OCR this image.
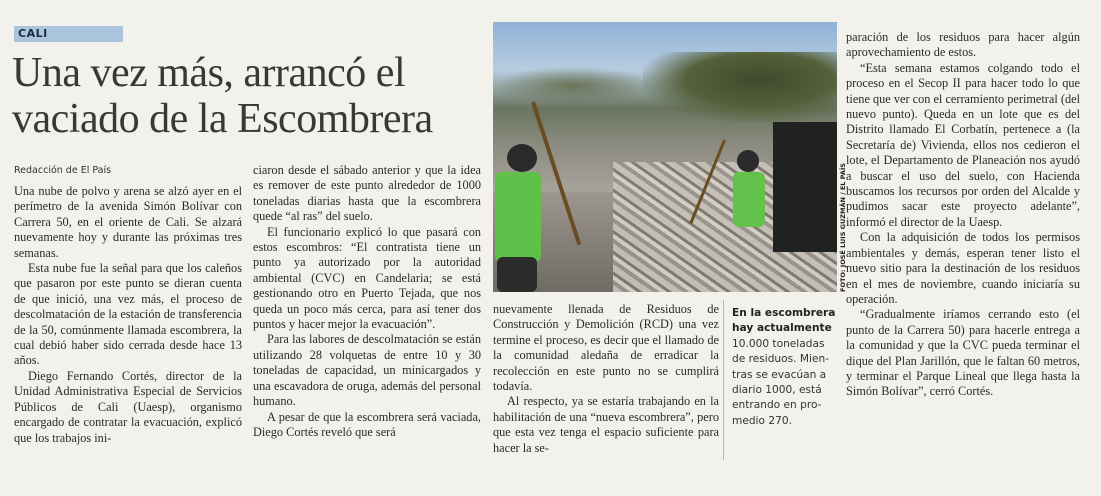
CALI
Una vez más, arrancó el
vaciado de la Escombrera
Redacción de El País

Una nube de polvo y arena se alzó ayer en el perímetro de la avenida Simón Bolívar con Carrera 50, en el oriente de Cali. Se alzará nuevamente hoy y durante las próximas tres semanas.

Esta nube fue la señal para que los caleños que pasaron por este punto se dieran cuenta de que inició, una vez más, el proceso de descolmatación de la estación de transferencia de la 50, comúnmente llamada escombrera, la cual debió haber sido cerrada desde hace 13 años.

Diego Fernando Cortés, director de la Unidad Administrativa Especial de Servicios Públicos de Cali (Uaesp), organismo encargado de contratar la evacuación, explicó que los trabajos ini-

ciaron desde el sábado anterior y que la idea es remover de este punto alrededor de 1000 toneladas diarias hasta que la escombrera quede “al ras” del suelo.

El funcionario explicó lo que pasará con estos escombros: “El contratista tiene un punto ya autorizado por la autoridad ambiental (CVC) en Candelaria; se está gestionando otro en Puerto Tejada, que nos queda un poco más cerca, para así tener dos puntos y hacer mejor la evacuación”.

Para las labores de descolmatación se están utilizando 28 volquetas de entre 10 y 30 toneladas de capacidad, un minicargados y una escavadora de oruga, además del personal humano.

A pesar de que la escombrera será vaciada, Diego Cortés reveló que será

FOTO: JOSÉ LUIS GUZMÁN / EL PAÍS

nuevamente llenada de Residuos de Construcción y Demolición (RCD) una vez termine el proceso, es decir que el llamado de la comunidad aledaña de erradicar la recolección en este punto no se cumplirá todavía.

Al respecto, ya se estaría trabajando en la habilitación de una “nueva escombrera”, pero que esta vez tenga el espacio suficiente para hacer la se-

En la escombrera
hay actualmente
10.000 toneladas
de residuos. Mien-
tras se evacúan a
diario 1000, está
entrando en pro-
medio 270.

paración de los residuos para hacer algún aprovechamiento de estos.

“Esta semana estamos colgando todo el proceso en el Secop II para hacer todo lo que tiene que ver con el cerramiento perimetral (del nuevo punto). Queda en un lote que es del Distrito llamado El Corbatín, pertenece a (la Secretaría de) Vivienda, ellos nos cedieron el lote, el Departamento de Planeación nos ayudó a buscar el uso del suelo, con Hacienda buscamos los recursos por orden del Alcalde y pudimos sacar este proyecto adelante”, informó el director de la Uaesp.

Con la adquisición de todos los permisos ambientales y demás, esperan tener listo el nuevo sitio para la destinación de los residuos en el mes de noviembre, cuando iniciaría su operación.

“Gradualmente iríamos cerrando esto (el punto de la Carrera 50) para hacerle entrega a la comunidad y que la CVC pueda terminar el dique del Plan Jarillón, que le faltan 60 metros, y terminar el Parque Lineal que llega hasta la Simón Bolívar”, cerró Cortés.
